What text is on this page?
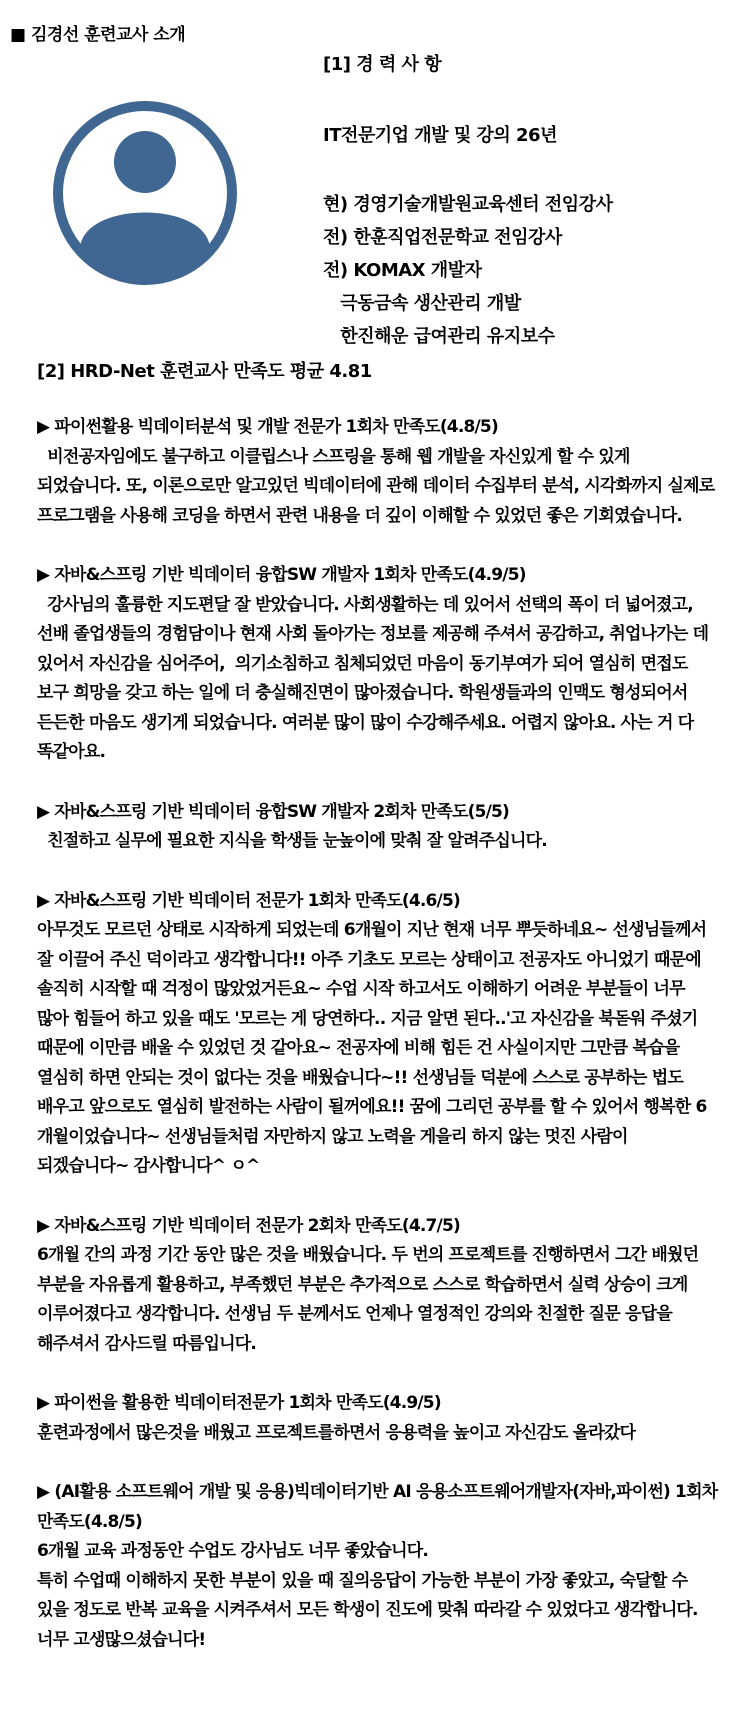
■ 김경선 훈련교사 소개
[1] 경 력 사 항
IT전문기업 개발 및 강의 26년
현) 경영기술개발원교육센터 전임강사
전) 한훈직업전문학교 전임강사
전) KOMAX 개발자
극동금속 생산관리 개발
한진해운 급여관리 유지보수
[2] HRD-Net 훈련교사 만족도 평균 4.81
▶ 파이썬활용 빅데이터분석 및 개발 전문가 1회차 만족도(4.8/5)
비전공자임에도 불구하고 이클립스나 스프링을 통해 웹 개발을 자신있게 할 수 있게
되었습니다. 또, 이론으로만 알고있던 빅데이터에 관해 데이터 수집부터 분석, 시각화까지 실제로
프로그램을 사용해 코딩을 하면서 관련 내용을 더 깊이 이해할 수 있었던 좋은 기회였습니다.
▶ 자바&스프링 기반 빅데이터 융합SW 개발자 1회차 만족도(4.9/5)
강사님의 훌륭한 지도편달 잘 받았습니다. 사회생활하는 데 있어서 선택의 폭이 더 넓어졌고,
선배 졸업생들의 경험담이나 현재 사회 돌아가는 정보를 제공해 주셔서 공감하고, 취업나가는 데
있어서 자신감을 심어주어,  의기소침하고 침체되었던 마음이 동기부여가 되어 열심히 면접도
보구 희망을 갖고 하는 일에 더 충실해진면이 많아졌습니다. 학원생들과의 인맥도 형성되어서
든든한 마음도 생기게 되었습니다. 여러분 많이 많이 수강해주세요. 어렵지 않아요. 사는 거 다
똑같아요.
▶ 자바&스프링 기반 빅데이터 융합SW 개발자 2회차 만족도(5/5)
친절하고 실무에 필요한 지식을 학생들 눈높이에 맞춰 잘 알려주십니다.
▶ 자바&스프링 기반 빅데이터 전문가 1회차 만족도(4.6/5)
아무것도 모르던 상태로 시작하게 되었는데 6개월이 지난 현재 너무 뿌듯하네요~ 선생님들께서
잘 이끌어 주신 덕이라고 생각합니다!! 아주 기초도 모르는 상태이고 전공자도 아니었기 때문에
솔직히 시작할 때 걱정이 많았었거든요~ 수업 시작 하고서도 이해하기 어려운 부분들이 너무
많아 힘들어 하고 있을 때도 '모르는 게 당연하다.. 지금 알면 된다..'고 자신감을 북돋워 주셨기
때문에 이만큼 배울 수 있었던 것 같아요~ 전공자에 비해 힘든 건 사실이지만 그만큼 복습을
열심히 하면 안되는 것이 없다는 것을 배웠습니다~!! 선생님들 덕분에 스스로 공부하는 법도
배우고 앞으로도 열심히 발전하는 사람이 될꺼에요!! 꿈에 그리던 공부를 할 수 있어서 행복한 6
개월이었습니다~ 선생님들처럼 자만하지 않고 노력을 게을리 하지 않는 멋진 사람이
되겠습니다~ 감사합니다^ ㅇ^
▶ 자바&스프링 기반 빅데이터 전문가 2회차 만족도(4.7/5)
6개월 간의 과정 기간 동안 많은 것을 배웠습니다. 두 번의 프로젝트를 진행하면서 그간 배웠던
부분을 자유롭게 활용하고, 부족했던 부분은 추가적으로 스스로 학습하면서 실력 상승이 크게
이루어졌다고 생각합니다. 선생님 두 분께서도 언제나 열정적인 강의와 친절한 질문 응답을
해주셔서 감사드릴 따름입니다.
▶ 파이썬을 활용한 빅데이터전문가 1회차 만족도(4.9/5)
훈련과정에서 많은것을 배웠고 프로젝트를하면서 응용력을 높이고 자신감도 올라갔다
▶ (AI활용 소프트웨어 개발 및 응용)빅데이터기반 AI 응용소프트웨어개발자(자바,파이썬) 1회차
만족도(4.8/5)
6개월 교육 과정동안 수업도 강사님도 너무 좋았습니다.
특히 수업때 이해하지 못한 부분이 있을 때 질의응답이 가능한 부분이 가장 좋았고, 숙달할 수
있을 정도로 반복 교육을 시켜주셔서 모든 학생이 진도에 맞춰 따라갈 수 있었다고 생각합니다.
너무 고생많으셨습니다!
